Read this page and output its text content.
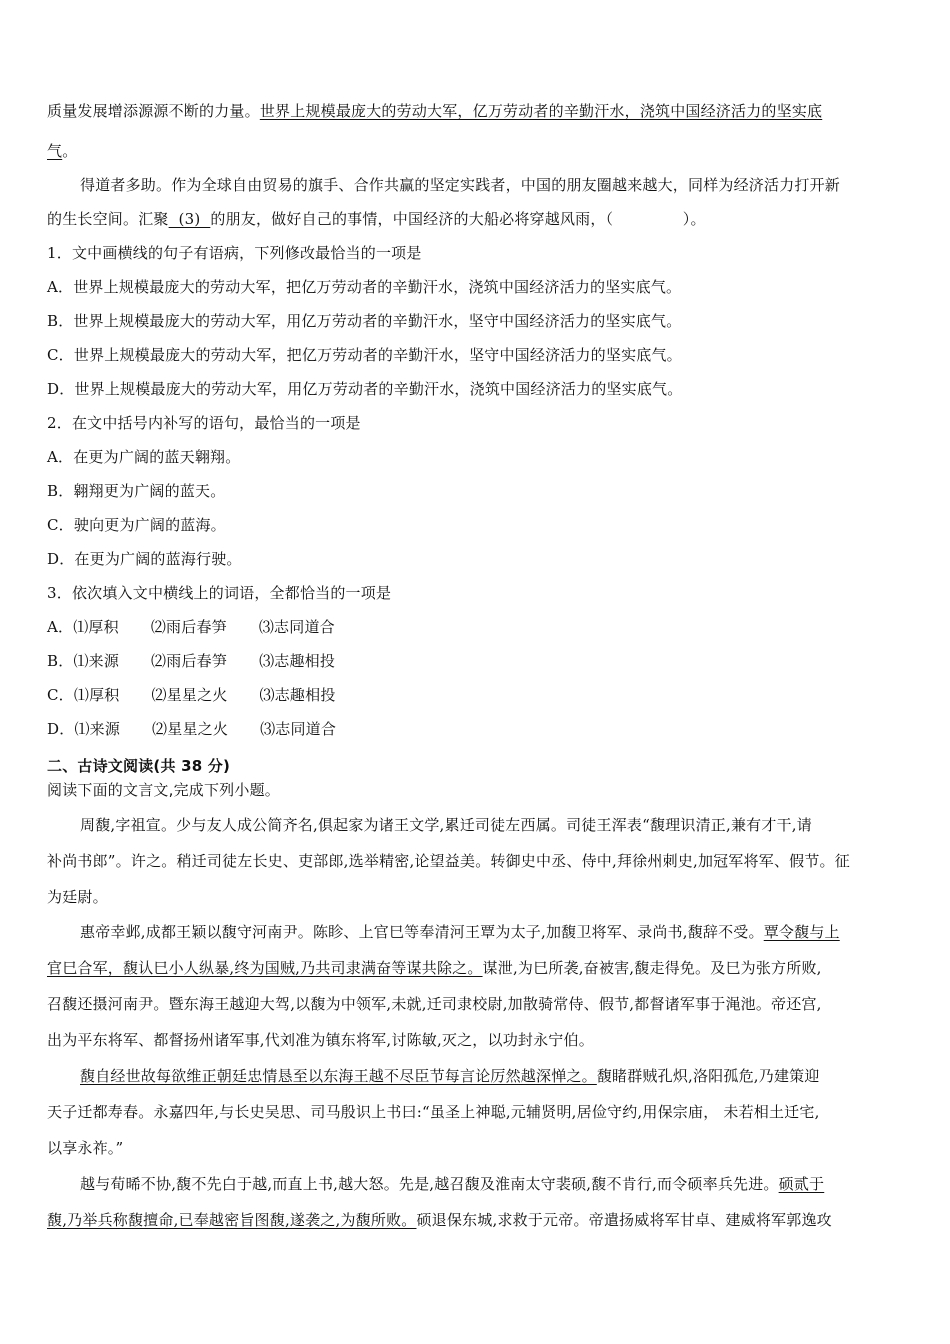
质量发展增添源源不断的力量。世界上规模最庞大的劳动大军，亿万劳动者的辛勤汗水，浇筑中国经济活力的坚实底
气。
得道者多助。作为全球自由贸易的旗手、合作共赢的坚定实践者，中国的朋友圈越来越大，同样为经济活力打开新
的生长空间。汇聚  (3)  的朋友，做好自己的事情，中国经济的大船必将穿越风雨，（              ）。
1．文中画横线的句子有语病，下列修改最恰当的一项是
A．世界上规模最庞大的劳动大军，把亿万劳动者的辛勤汗水，浇筑中国经济活力的坚实底气。
B．世界上规模最庞大的劳动大军，用亿万劳动者的辛勤汗水，坚守中国经济活力的坚实底气。
C．世界上规模最庞大的劳动大军，把亿万劳动者的辛勤汗水，坚守中国经济活力的坚实底气。
D．世界上规模最庞大的劳动大军，用亿万劳动者的辛勤汗水，浇筑中国经济活力的坚实底气。
2．在文中括号内补写的语句，最恰当的一项是
A．在更为广阔的蓝天翱翔。
B．翱翔更为广阔的蓝天。
C．驶向更为广阔的蓝海。
D．在更为广阔的蓝海行驶。
3．依次填入文中横线上的词语，全都恰当的一项是
A．⑴厚积 ⑵雨后春笋 ⑶志同道合
B．⑴来源 ⑵雨后春笋 ⑶志趣相投
C．⑴厚积 ⑵星星之火 ⑶志趣相投
D．⑴来源 ⑵星星之火 ⑶志同道合
二、古诗文阅读(共 38 分)
阅读下面的文言文,完成下列小题。
周馥,字祖宣。少与友人成公简齐名,俱起家为诸王文学,累迁司徒左西属。司徒王浑表“馥理识清正,兼有才干,请
补尚书郎”。许之。稍迁司徒左长史、吏部郎,选举精密,论望益美。转御史中丞、侍中,拜徐州刺史,加冠军将军、假节。征
为廷尉。
惠帝幸邺,成都王颖以馥守河南尹。陈眕、上官巳等奉清河王覃为太子,加馥卫将军、录尚书,馥辞不受。覃令馥与上
官巳合军，馥认巳小人纵暴,终为国贼,乃共司隶满奋等谋共除之。谋泄,为巳所袭,奋被害,馥走得免。及巳为张方所败,
召馥还摄河南尹。暨东海王越迎大驾,以馥为中领军,未就,迁司隶校尉,加散骑常侍、假节,都督诸军事于渑池。帝还宫,
出为平东将军、都督扬州诸军事,代刘准为镇东将军,讨陈敏,灭之，以功封永宁伯。
馥自经世故每欲维正朝廷忠情恳至以东海王越不尽臣节每言论厉然越深惮之。馥睹群贼孔炽,洛阳孤危,乃建策迎
天子迁都寿春。永嘉四年,与长史吴思、司马殷识上书曰:“虽圣上神聪,元辅贤明,居俭守约,用保宗庙， 未若相土迁宅,
以享永祚。”
越与荀晞不协,馥不先白于越,而直上书,越大怒。先是,越召馥及淮南太守裴硕,馥不肯行,而令硕率兵先进。硕贰于
馥,乃举兵称馥擅命,已奉越密旨图馥,遂袭之,为馥所败。硕退保东城,求救于元帝。帝遣扬威将军甘卓、建威将军郭逸攻
